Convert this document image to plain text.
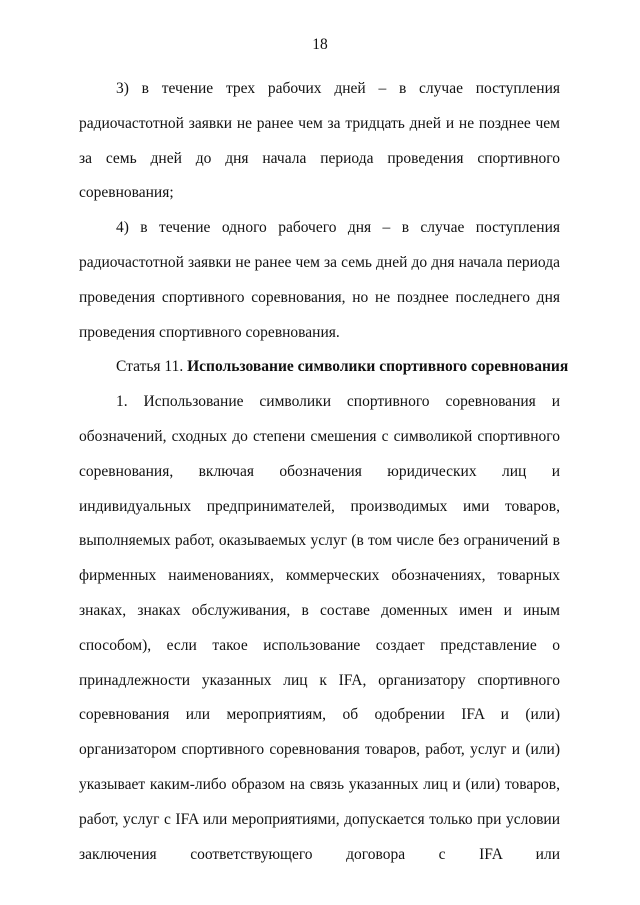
18

3) в течение трех рабочих дней – в случае поступления радиочастотной заявки не ранее чем за тридцать дней и не позднее чем за семь дней до дня начала периода проведения спортивного соревнования;

4) в течение одного рабочего дня – в случае поступления радиочастотной заявки не ранее чем за семь дней до дня начала периода проведения спортивного соревнования, но не позднее последнего дня проведения спортивного соревнования.

Статья 11. Использование символики спортивного соревнования

1. Использование символики спортивного соревнования и обозначений, сходных до степени смешения с символикой спортивного соревнования, включая обозначения юридических лиц и индивидуальных предпринимателей, производимых ими товаров, выполняемых работ, оказываемых услуг (в том числе без ограничений в фирменных наименованиях, коммерческих обозначениях, товарных знаках, знаках обслуживания, в составе доменных имен и иным способом), если такое использование создает представление о принадлежности указанных лиц к IFA, организатору спортивного соревнования или мероприятиям, об одобрении IFA и (или) организатором спортивного соревнования товаров, работ, услуг и (или) указывает каким-либо образом на связь указанных лиц и (или) товаров, работ, услуг с IFA или мероприятиями, допускается только при условии заключения соответствующего договора с IFA или
